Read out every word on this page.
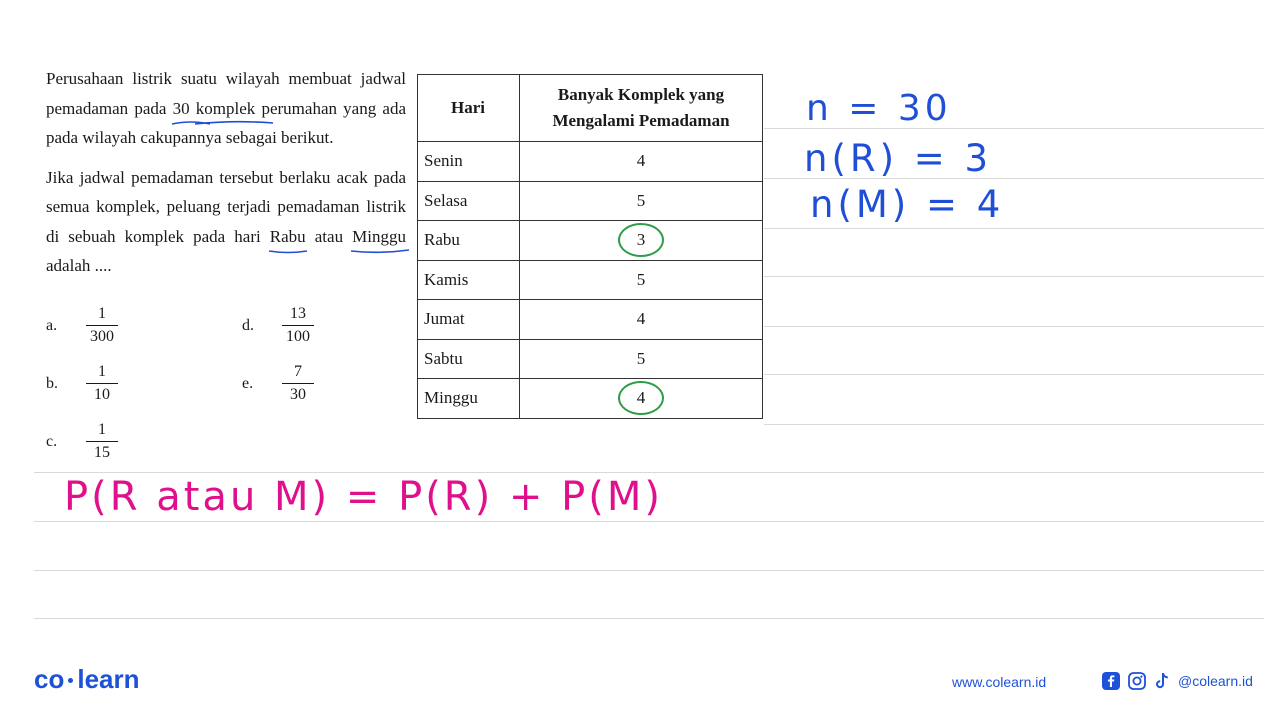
Perusahaan listrik suatu wilayah membuat jadwal pemadaman pada 30 komplek perumahan yang ada pada wilayah cakupannya sebagai berikut.

Jika jadwal pemadaman tersebut berlaku acak pada semua komplek, peluang terjadi pemadaman listrik di sebuah komplek pada hari Rabu atau Minggu
adalah ....

a.	$\frac{1}{300}$
b.	$\frac{1}{10}$
c.	$\frac{1}{15}$
d.	$\frac{13}{100}$
e.	$\frac{7}{30}$
Hari	Banyak Komplek yang
Mengalami Pemadaman
Senin	4
Selasa	5
Rabu	3

Kamis	5
Jumat	4
Sabtu	5
Minggu	4
n = 30
n(R) = 3
n(M) = 4
P(R atau M) = P(R) + P(M)
co learn	www.colearn.id	@colearn.id
